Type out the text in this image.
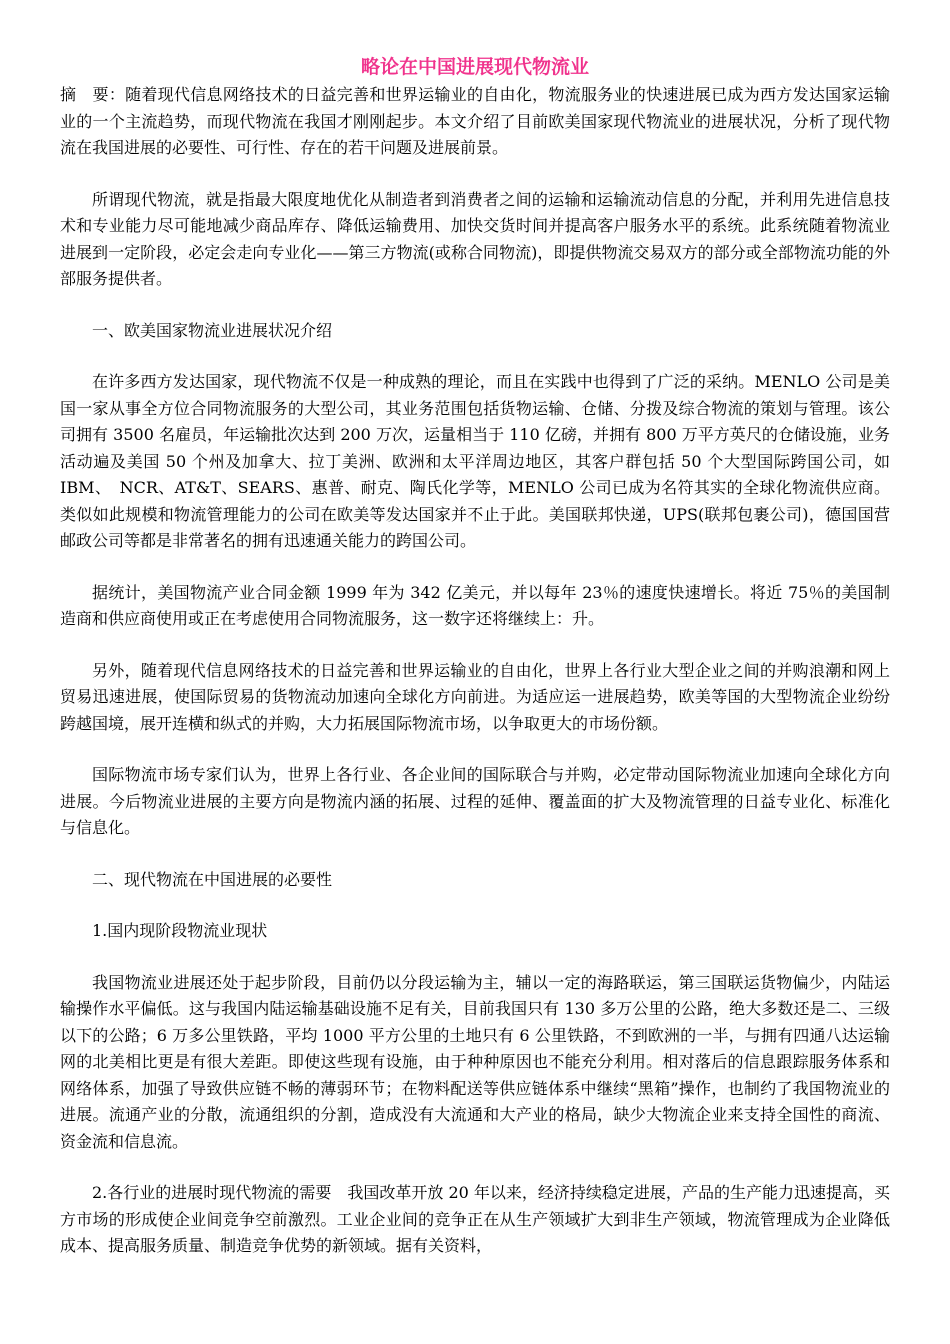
略论在中国进展现代物流业

摘　要：随着现代信息网络技术的日益完善和世界运输业的自由化，物流服务业的快速进展已成为西方发达国家运输业的一个主流趋势，而现代物流在我国才刚刚起步。本文介绍了目前欧美国家现代物流业的进展状况，分析了现代物流在我国进展的必要性、可行性、存在的若干问题及进展前景。

所谓现代物流，就是指最大限度地优化从制造者到消费者之间的运输和运输流动信息的分配，并利用先进信息技术和专业能力尽可能地减少商品库存、降低运输费用、加快交货时间并提高客户服务水平的系统。此系统随着物流业进展到一定阶段，必定会走向专业化——第三方物流(或称合同物流)，即提供物流交易双方的部分或全部物流功能的外部服务提供者。

一、欧美国家物流业进展状况介绍

在许多西方发达国家，现代物流不仅是一种成熟的理论，而且在实践中也得到了广泛的采纳。MENLO 公司是美国一家从事全方位合同物流服务的大型公司，其业务范围包括货物运输、仓储、分拨及综合物流的策划与管理。该公司拥有 3500 名雇员，年运输批次达到 200 万次，运量相当于 110 亿磅，并拥有 800 万平方英尺的仓储设施，业务活动遍及美国 50 个州及加拿大、拉丁美洲、欧洲和太平洋周边地区，其客户群包括 50 个大型国际跨国公司，如 IBM、　NCR、AT&T、SEARS、惠普、耐克、陶氏化学等，MENLO 公司已成为名符其实的全球化物流供应商。类似如此规模和物流管理能力的公司在欧美等发达国家并不止于此。美国联邦快递，UPS(联邦包裹公司)，德国国营邮政公司等都是非常著名的拥有迅速通关能力的跨国公司。

据统计，美国物流产业合同金额 1999 年为 342 亿美元，并以每年 23％的速度快速增长。将近 75％的美国制造商和供应商使用或正在考虑使用合同物流服务，这一数字还将继续上：升。

另外，随着现代信息网络技术的日益完善和世界运输业的自由化，世界上各行业大型企业之间的并购浪潮和网上贸易迅速进展，使国际贸易的货物流动加速向全球化方向前进。为适应运一进展趋势，欧美等国的大型物流企业纷纷跨越国境，展开连横和纵式的并购，大力拓展国际物流市场，以争取更大的市场份额。

国际物流市场专家们认为，世界上各行业、各企业间的国际联合与并购，必定带动国际物流业加速向全球化方向进展。今后物流业进展的主要方向是物流内涵的拓展、过程的延伸、覆盖面的扩大及物流管理的日益专业化、标准化与信息化。

二、现代物流在中国进展的必要性

1.国内现阶段物流业现状

我国物流业进展还处于起步阶段，目前仍以分段运输为主，辅以一定的海路联运，第三国联运货物偏少，内陆运输操作水平偏低。这与我国内陆运输基础设施不足有关，目前我国只有 130 多万公里的公路，绝大多数还是二、三级以下的公路；6 万多公里铁路，平均 1000 平方公里的土地只有 6 公里铁路，不到欧洲的一半，与拥有四通八达运输网的北美相比更是有很大差距。即使这些现有设施，由于种种原因也不能充分利用。相对落后的信息跟踪服务体系和网络体系，加强了导致供应链不畅的薄弱环节；在物料配送等供应链体系中继续“黑箱”操作，也制约了我国物流业的进展。流通产业的分散，流通组织的分割，造成没有大流通和大产业的格局，缺少大物流企业来支持全国性的商流、资金流和信息流。

2.各行业的进展时现代物流的需要　我国改革开放 20 年以来，经济持续稳定进展，产品的生产能力迅速提高，买方市场的形成使企业间竞争空前激烈。工业企业间的竞争正在从生产领域扩大到非生产领域，物流管理成为企业降低成本、提高服务质量、制造竞争优势的新领域。据有关资料，
